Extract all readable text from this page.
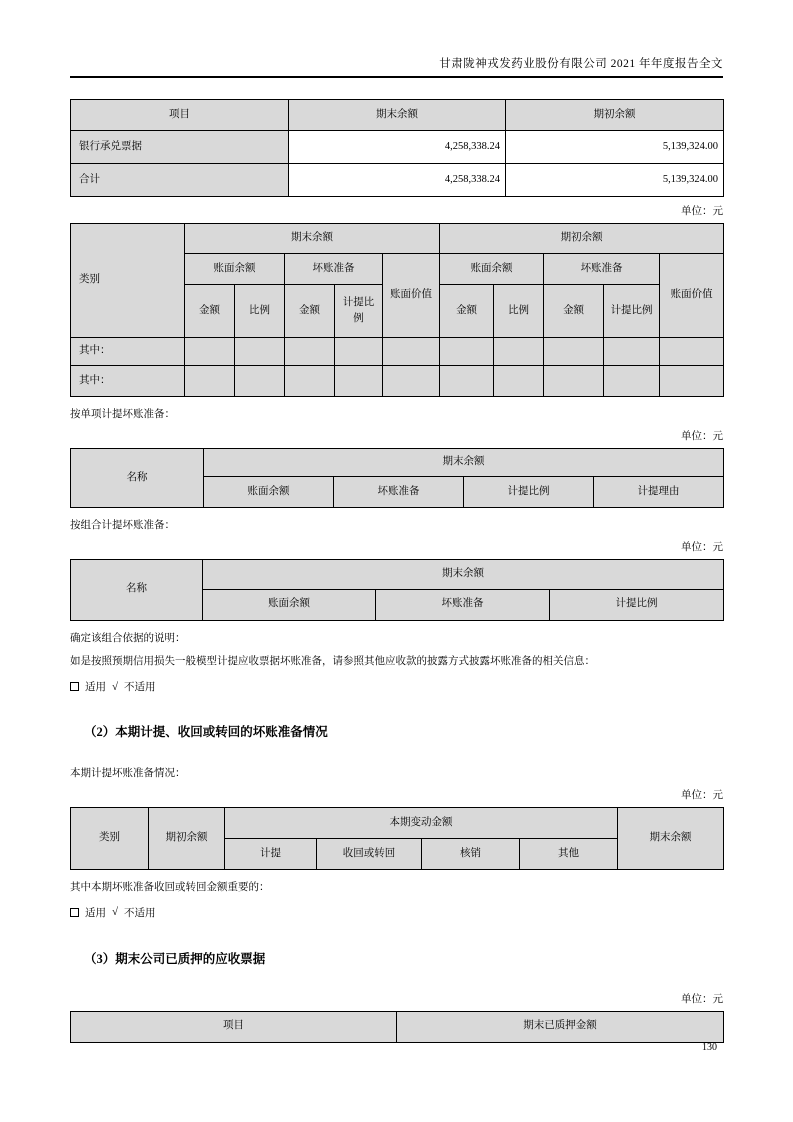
甘肃陇神戎发药业股份有限公司 2021 年年度报告全文
项目	期末余额	期初余额
银行承兑票据	4,258,338.24	5,139,324.00
合计	4,258,338.24	5,139,324.00
单位：元
类别	期末余额					期初余额				
	账面余额		坏账准备		账面价值	账面余额		坏账准备		账面价值
	金额	比例	金额	计提比例		金额	比例	金额	计提比例	
其中：										
其中：										

按单项计提坏账准备：

单位：元
名称	期末余额			
	账面余额	坏账准备	计提比例	计提理由

按组合计提坏账准备：

单位：元
名称	期末余额		
	账面余额	坏账准备	计提比例

确定该组合依据的说明：

如是按照预期信用损失一般模型计提应收票据坏账准备，请参照其他应收款的披露方式披露坏账准备的相关信息：

适用 √ 不适用
（2）本期计提、收回或转回的坏账准备情况

本期计提坏账准备情况：

单位：元
类别	期初余额	本期变动金额				期末余额
		计提	收回或转回	核销	其他	

其中本期坏账准备收回或转回金额重要的：

适用 √ 不适用
（3）期末公司已质押的应收票据
单位：元
项目	期末已质押金额
130
